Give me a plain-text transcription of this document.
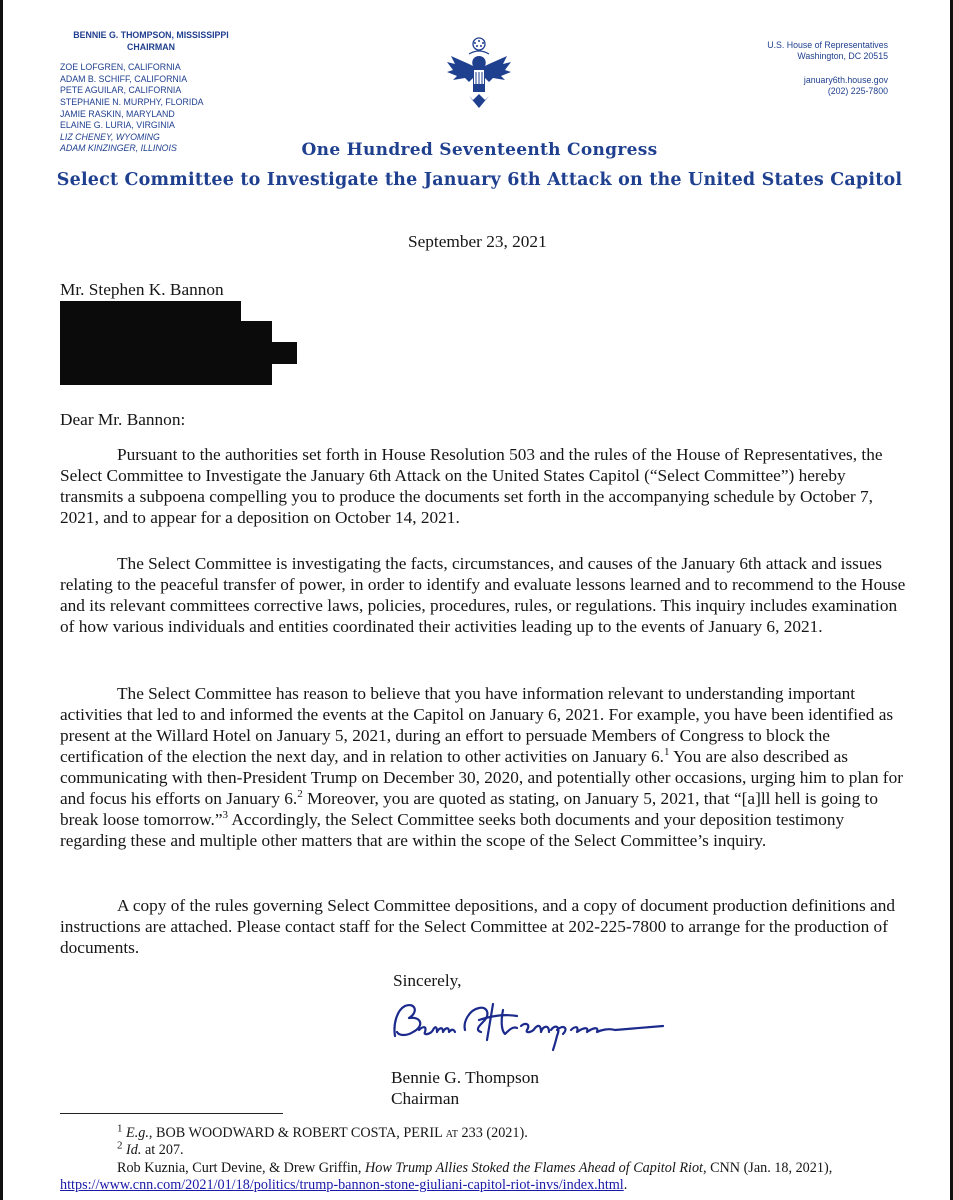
BENNIE G. THOMPSON, MISSISSIPPI
CHAIRMAN
ZOE LOFGREN, CALIFORNIA
ADAM B. SCHIFF, CALIFORNIA
PETE AGUILAR, CALIFORNIA
STEPHANIE N. MURPHY, FLORIDA
JAMIE RASKIN, MARYLAND
ELAINE G. LURIA, VIRGINIA
LIZ CHENEY, WYOMING
ADAM KINZINGER, ILLINOIS
U.S. House of Representatives
Washington, DC 20515
january6th.house.gov
(202) 225-7800
One Hundred Seventeenth Congress
Select Committee to Investigate the January 6th Attack on the United States Capitol
September 23, 2021
Mr. Stephen K. Bannon
Dear Mr. Bannon:

Pursuant to the authorities set forth in House Resolution 503 and the rules of the House of Representatives, the Select Committee to Investigate the January 6th Attack on the United States Capitol (“Select Committee”) hereby transmits a subpoena compelling you to produce the documents set forth in the accompanying schedule by October 7, 2021, and to appear for a deposition on October 14, 2021.

The Select Committee is investigating the facts, circumstances, and causes of the January 6th attack and issues relating to the peaceful transfer of power, in order to identify and evaluate lessons learned and to recommend to the House and its relevant committees corrective laws, policies, procedures, rules, or regulations. This inquiry includes examination of how various individuals and entities coordinated their activities leading up to the events of January 6, 2021.

The Select Committee has reason to believe that you have information relevant to understanding important activities that led to and informed the events at the Capitol on January 6, 2021. For example, you have been identified as present at the Willard Hotel on January 5, 2021, during an effort to persuade Members of Congress to block the certification of the election the next day, and in relation to other activities on January 6.$^1$ You are also described as communicating with then-President Trump on December 30, 2020, and potentially other occasions, urging him to plan for and focus his efforts on January 6.$^2$ Moreover, you are quoted as stating, on January 5, 2021, that “[a]ll hell is going to break loose tomorrow.”$^3$ Accordingly, the Select Committee seeks both documents and your deposition testimony regarding these and multiple other matters that are within the scope of the Select Committee’s inquiry.

A copy of the rules governing Select Committee depositions, and a copy of document production definitions and instructions are attached. Please contact staff for the Select Committee at 202-225-7800 to arrange for the production of documents.

Sincerely,
Bennie G. Thompson
Chairman

$^1$ E.g., BOB WOODWARD & ROBERT COSTA, PERIL at 233 (2021).

$^2$ Id. at 207.

Rob Kuznia, Curt Devine, & Drew Griffin, How Trump Allies Stoked the Flames Ahead of Capitol Riot, CNN (Jan. 18, 2021), https://www.cnn.com/2021/01/18/politics/trump-bannon-stone-giuliani-capitol-riot-invs/index.html.
